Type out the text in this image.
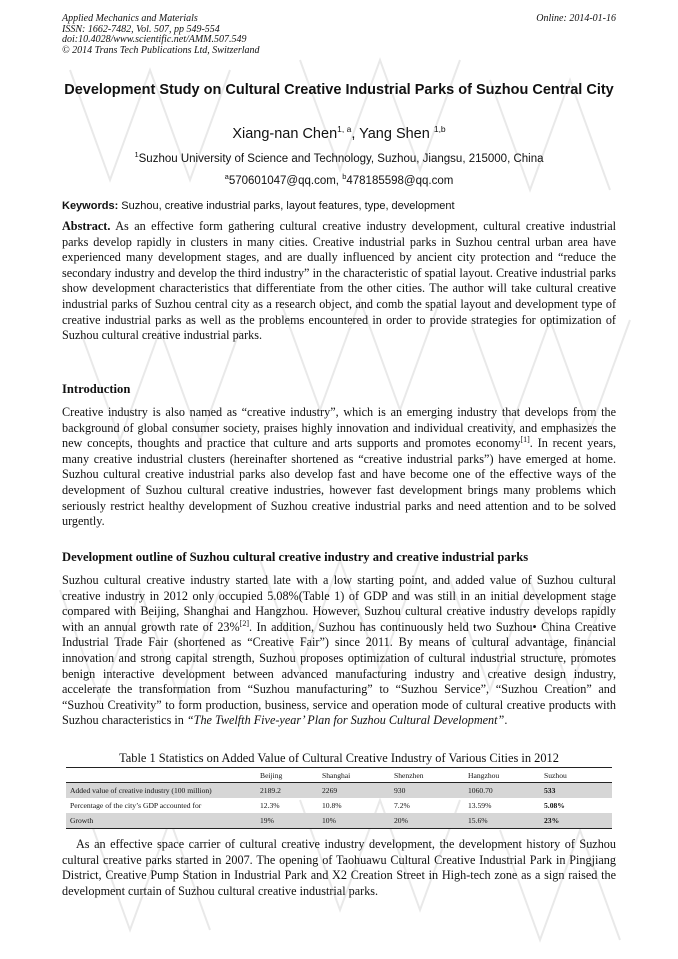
Applied Mechanics and Materials
ISSN: 1662-7482, Vol. 507, pp 549-554
doi:10.4028/www.scientific.net/AMM.507.549
© 2014 Trans Tech Publications Ltd, Switzerland
Online: 2014-01-16
Development Study on Cultural Creative Industrial Parks of Suzhou Central City
Xiang-nan Chen$^{1, a}$, Yang Shen $^{1,b}$
$^1$Suzhou University of Science and Technology, Suzhou, Jiangsu, 215000, China
$^a$570601047@qq.com, $^b$478185598@qq.com
Keywords: Suzhou, creative industrial parks, layout features, type, development
Abstract. As an effective form gathering cultural creative industry development, cultural creative industrial parks develop rapidly in clusters in many cities. Creative industrial parks in Suzhou central urban area have experienced many development stages, and are dually influenced by ancient city protection and “reduce the secondary industry and develop the third industry” in the characteristic of spatial layout. Creative industrial parks show development characteristics that differentiate from the other cities. The author will take cultural creative industrial parks of Suzhou central city as a research object, and comb the spatial layout and development type of creative industrial parks as well as the problems encountered in order to provide strategies for optimization of Suzhou cultural creative industrial parks.
Introduction
Creative industry is also named as “creative industry”, which is an emerging industry that develops from the background of global consumer society, praises highly innovation and individual creativity, and emphasizes the new concepts, thoughts and practice that culture and arts supports and promotes economy[1]. In recent years, many creative industrial clusters (hereinafter shortened as “creative industrial parks”) have emerged at home. Suzhou cultural creative industrial parks also develop fast and have become one of the effective ways of the development of Suzhou cultural creative industries, however fast development brings many problems which seriously restrict healthy development of Suzhou creative industrial parks and need attention and to be solved urgently.
Development outline of Suzhou cultural creative industry and creative industrial parks
Suzhou cultural creative industry started late with a low starting point, and added value of Suzhou cultural creative industry in 2012 only occupied 5.08%(Table 1) of GDP and was still in an initial development stage compared with Beijing, Shanghai and Hangzhou. However, Suzhou cultural creative industry develops rapidly with an annual growth rate of 23%[2]. In addition, Suzhou has continuously held two Suzhou• China Creative Industrial Trade Fair (shortened as “Creative Fair”) since 2011. By means of cultural advantage, financial innovation and strong capital strength, Suzhou proposes optimization of cultural industrial structure, promotes benign interactive development between advanced manufacturing industry and creative design industry, accelerate the transformation from “Suzhou manufacturing” to “Suzhou Service”, “Suzhou Creation” and “Suzhou Creativity” to form production, business, service and operation mode of cultural creative products with Suzhou characteristics in “The Twelfth Five-year’ Plan for Suzhou Cultural Development”.
Table 1 Statistics on Added Value of Cultural Creative Industry of Various Cities in 2012
	Beijing	Shanghai	Shenzhen	Hangzhou	Suzhou
Added value of creative industry (100 million)	2189.2	2269	930	1060.70	533
Percentage of the city’s GDP accounted for	12.3%	10.8%	7.2%	13.59%	5.08%
Growth	19%	10%	20%	15.6%	23%
As an effective space carrier of cultural creative industry development, the development history of Suzhou cultural creative parks started in 2007. The opening of Taohuawu Cultural Creative Industrial Park in Pingjiang District, Creative Pump Station in Industrial Park and X2 Creation Street in High-tech zone as a sign raised the development curtain of Suzhou cultural creative industrial parks.
